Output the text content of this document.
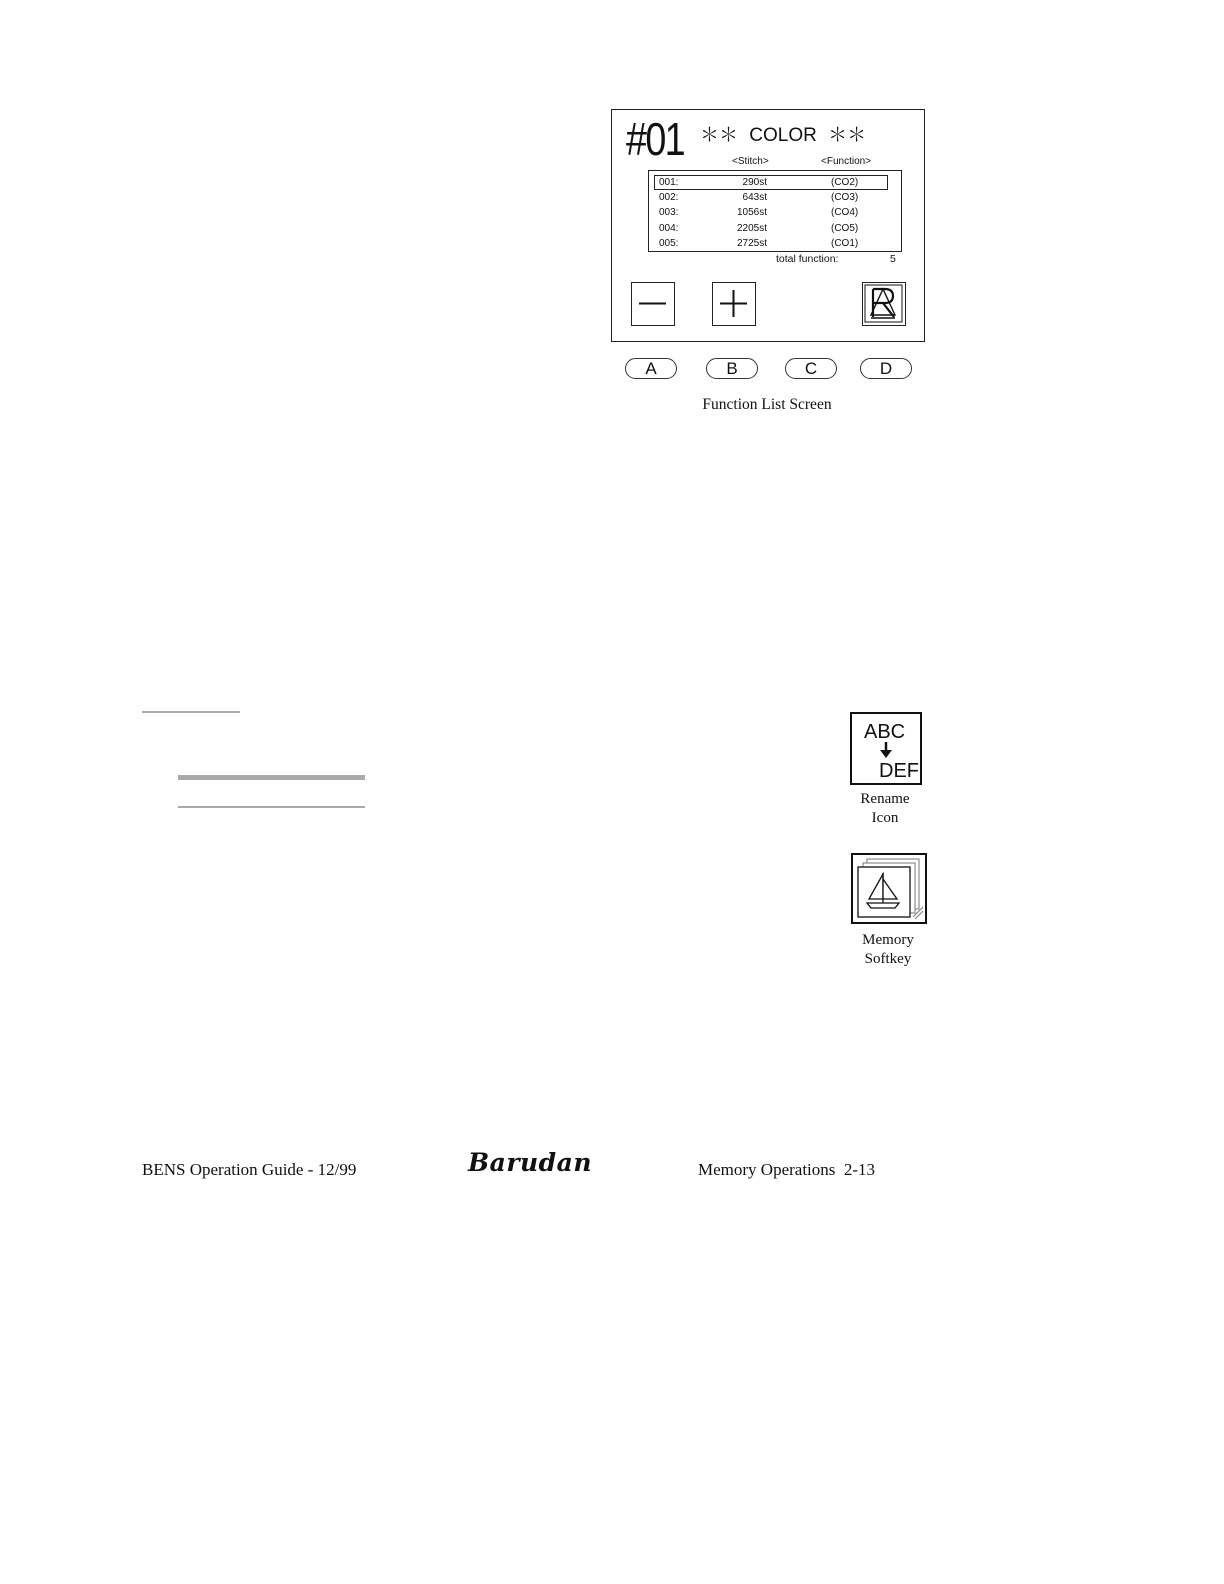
#01 ＊＊ COLOR ＊＊
<Stitch>	<Function>
001:	290st	(CO2)
002:	643st	(CO3)
003:	1056st	(CO4)
004:	2205st	(CO5)
005:	2725st	(CO1)
total function:	5
A	B	C	D
Function List Screen
ABC
DEF
Rename
Icon
Memory
Softkey
BENS Operation Guide - 12/99	Barudan	Memory Operations  2-13
